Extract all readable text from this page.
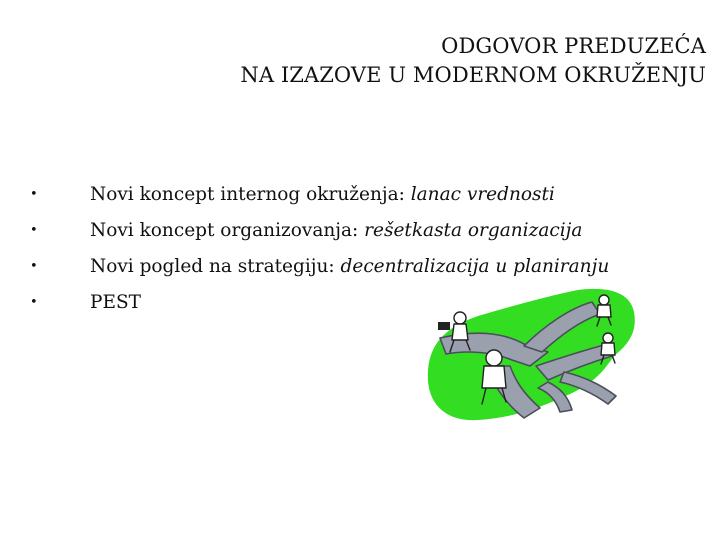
ODGOVOR PREDUZEĆA
NA IZAZOVE U MODERNOM OKRUŽENJU
•	Novi koncept internog okruženja: lanac vrednosti
•	Novi koncept organizovanja: rešetkasta organizacija
•	Novi pogled na strategiju: decentralizacija u planiranju
•	PEST
